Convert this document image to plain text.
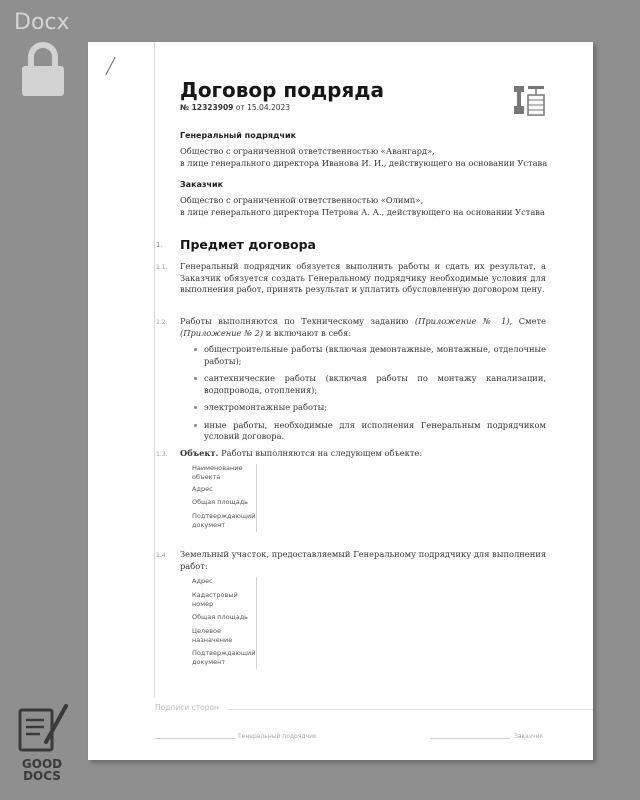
Docx
GOOD
DOCS
Договор подряда
№ 12323909 от 15.04.2023
Генеральный подрядчик
Общество с ограниченной ответственностью «Авангард»,
в лице генерального директора Иванова И. И., действующего на основании Устава
Заказчик
Общество с ограниченной ответственностью «Олимп»,
в лице генерального директора Петрова А. А., действующего на основании Устава
1. Предмет договора
1.1. Генеральный подрядчик обязуется выполнить работы и сдать их результат, а Заказчик обязуется создать Генеральному подрядчику необходимые условия для выполнения работ, принять результат и уплатить обусловленную договором цену.
1.2. Работы выполняются по Техническому заданию (Приложение № 1), Смете (Приложение № 2) и включают в себя:
общестроительные работы (включая демонтажные, монтажные, отделочные работы);
сантехнические работы (включая работы по монтажу канализации, водопровода, отопления);
электромонтажные работы;
иные работы, необходимые для исполнения Генеральным подрядчиком условий договора.
1.3. Объект. Работы выполняются на следующем объекте:
Наименование объекта
Адрес
Общая площадь
Подтверждающий документ
1.4. Земельный участок, предоставляемый Генеральному подрядчику для выполнения работ:
Адрес
Кадастровый номер
Общая площадь
Целевое назначение
Подтверждающий документ
Подписи сторон
Генеральный подрядчик	Заказчик
